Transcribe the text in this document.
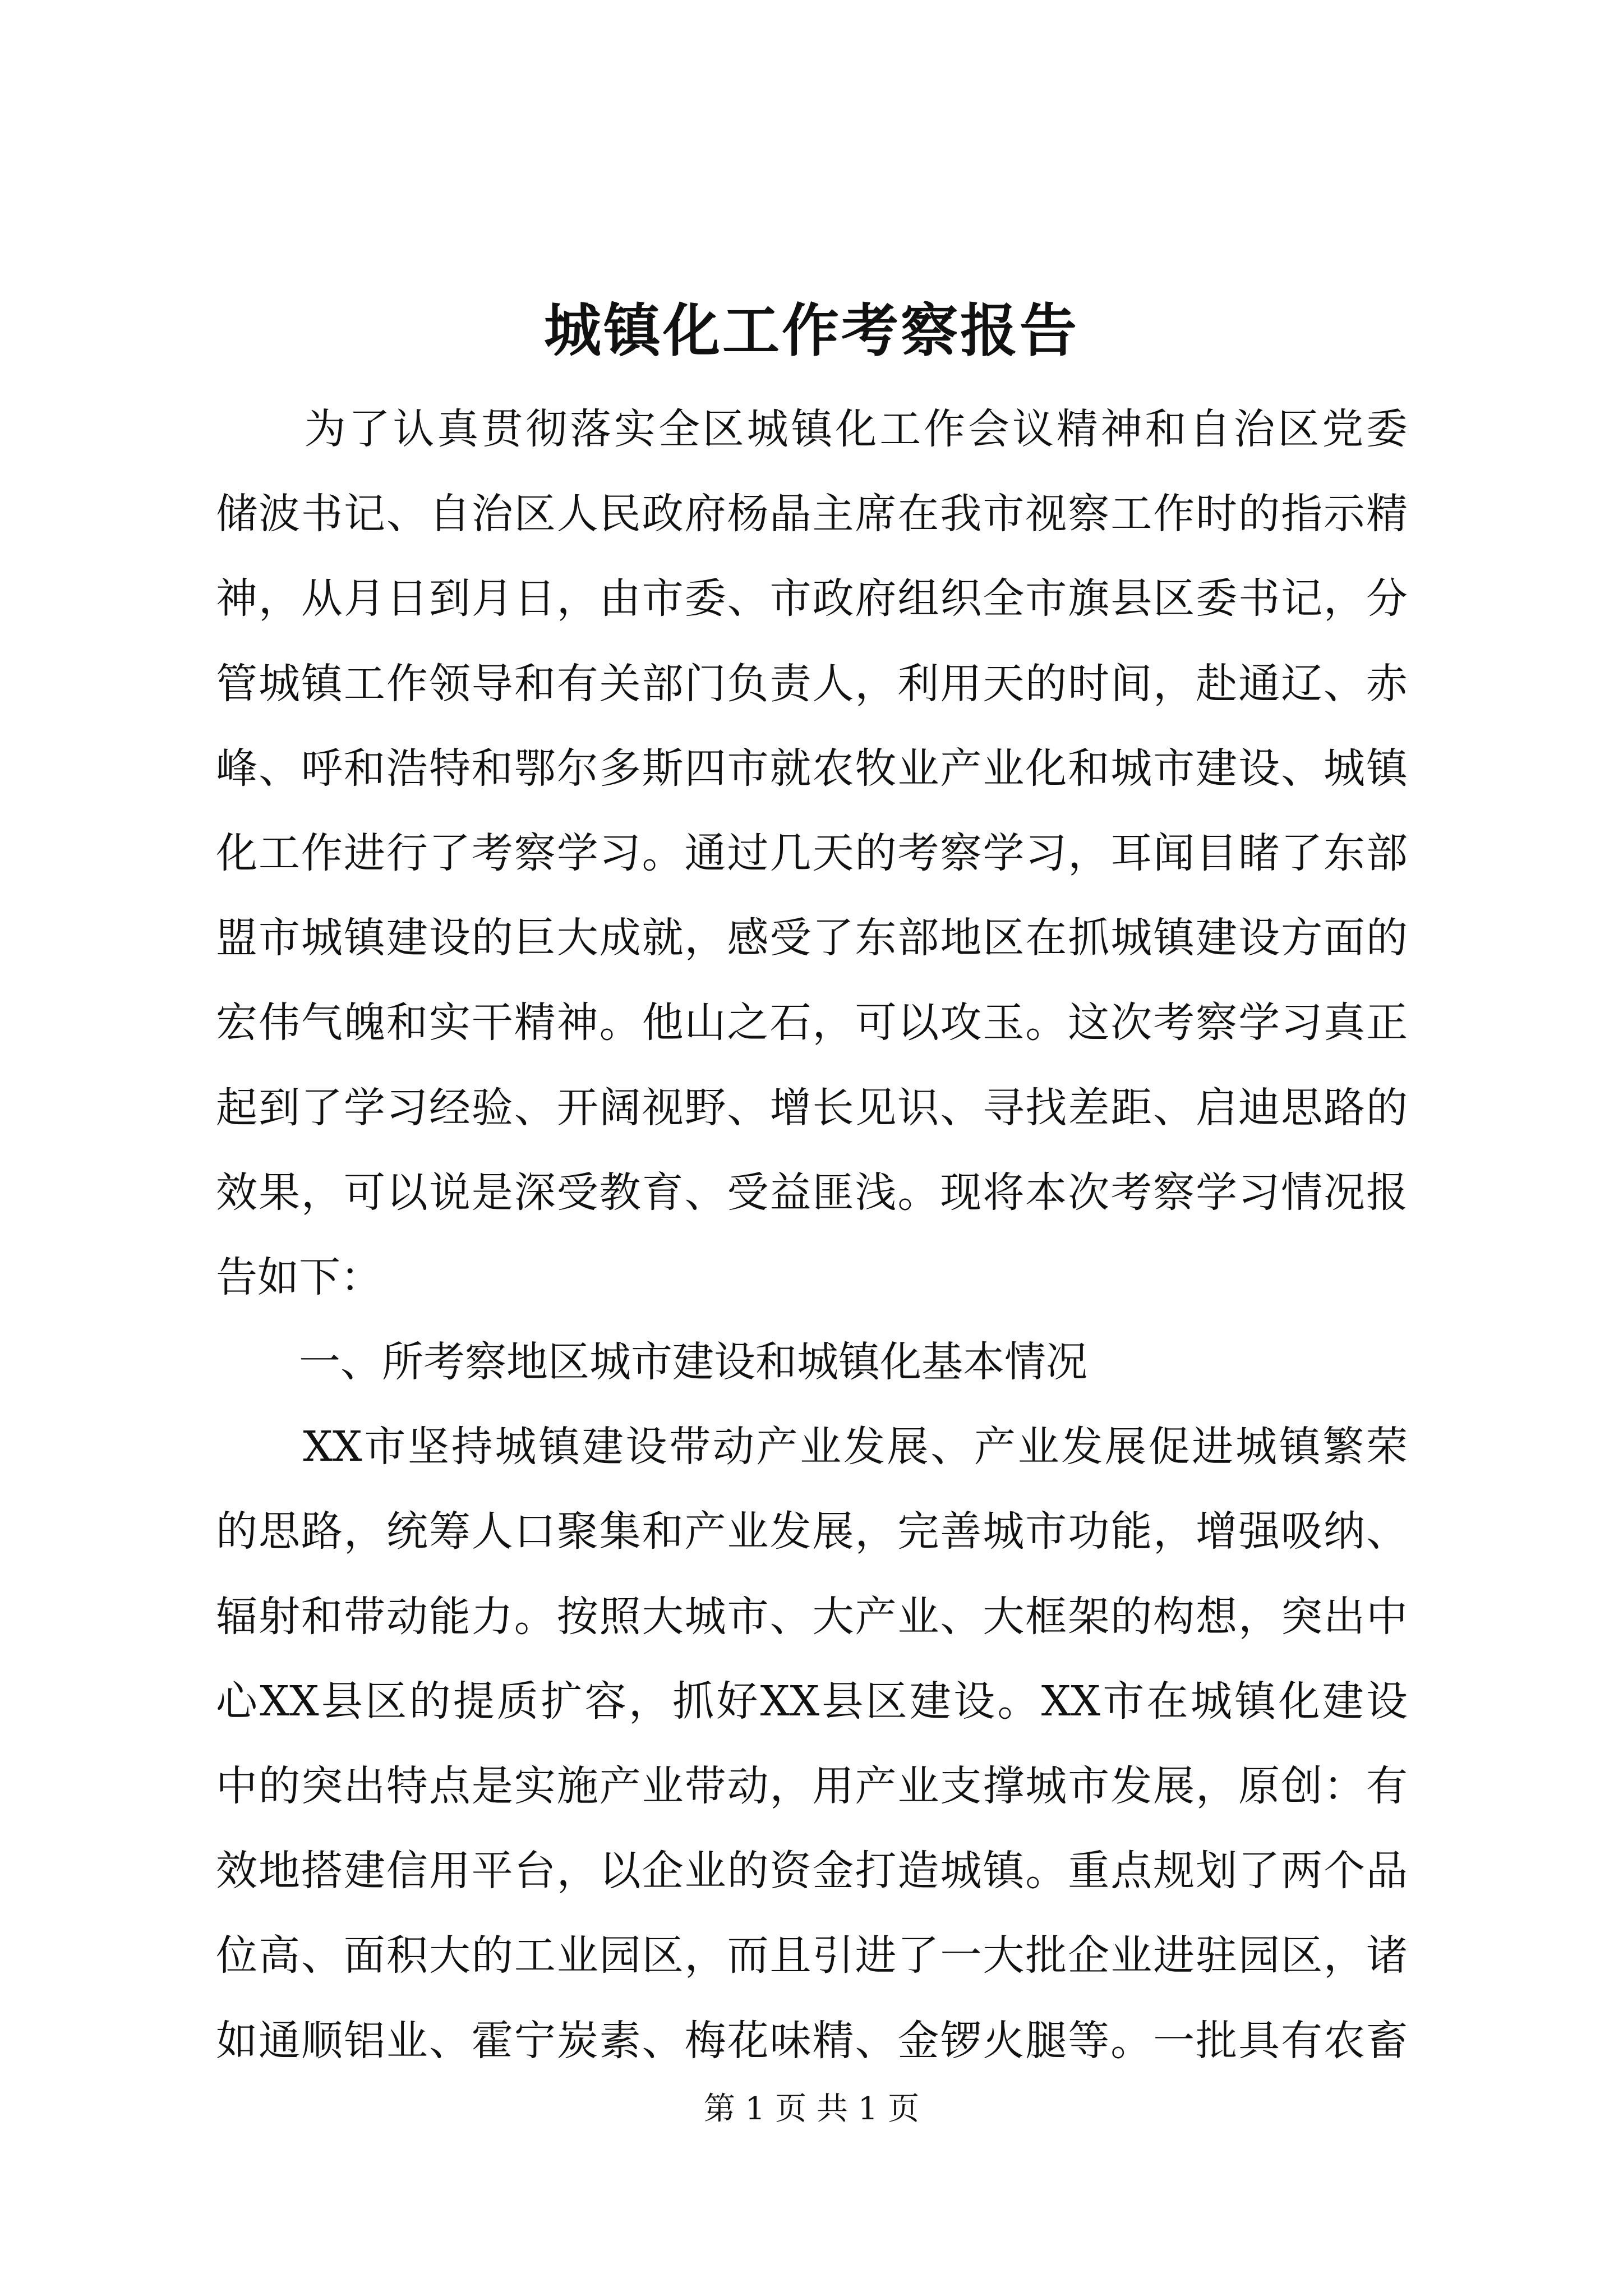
城镇化工作考察报告
　　为了认真贯彻落实全区城镇化工作会议精神和自治区党委
储波书记、自治区人民政府杨晶主席在我市视察工作时的指示精
神，从月日到月日，由市委、市政府组织全市旗县区委书记，分
管城镇工作领导和有关部门负责人，利用天的时间，赴通辽、赤
峰、呼和浩特和鄂尔多斯四市就农牧业产业化和城市建设、城镇
化工作进行了考察学习。通过几天的考察学习，耳闻目睹了东部
盟市城镇建设的巨大成就，感受了东部地区在抓城镇建设方面的
宏伟气魄和实干精神。他山之石，可以攻玉。这次考察学习真正
起到了学习经验、开阔视野、增长见识、寻找差距、启迪思路的
效果，可以说是深受教育、受益匪浅。现将本次考察学习情况报
告如下：
　　一、所考察地区城市建设和城镇化基本情况
　　XX市坚持城镇建设带动产业发展、产业发展促进城镇繁荣
的思路，统筹人口聚集和产业发展，完善城市功能，增强吸纳、
辐射和带动能力。按照大城市、大产业、大框架的构想，突出中
心XX县区的提质扩容，抓好XX县区建设。XX市在城镇化建设
中的突出特点是实施产业带动，用产业支撑城市发展，原创：有
效地搭建信用平台，以企业的资金打造城镇。重点规划了两个品
位高、面积大的工业园区，而且引进了一大批企业进驻园区，诸
如通顺铝业、霍宁炭素、梅花味精、金锣火腿等。一批具有农畜
第 1 页 共 1 页
